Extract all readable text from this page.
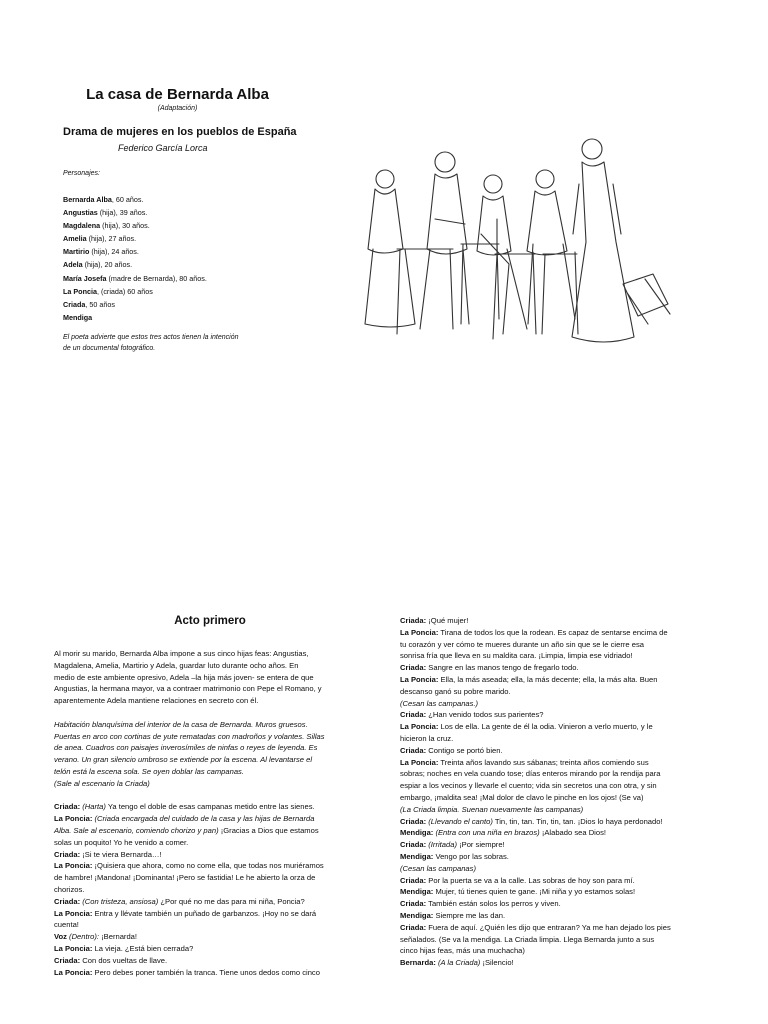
La casa de Bernarda Alba
(Adaptación)
Drama de mujeres en los pueblos de España
Federico García Lorca
Personajes:
Bernarda Alba, 60 años.
Angustias (hija), 39 años.
Magdalena (hija), 30 años.
Amelia (hija), 27 años.
Martirio (hija), 24 años.
Adela (hija), 20 años.
María Josefa (madre de Bernarda), 80 años.
La Poncia, (criada) 60 años
Criada, 50 años
Mendiga
El poeta advierte que estos tres actos tienen la intención
de un documental fotográfico.
Acto primero

Al morir su marido, Bernarda Alba impone a sus cinco hijas feas: Angustias,
Magdalena, Amelia, Martirio y Adela, guardar luto durante ocho años. En
medio de este ambiente opresivo, Adela –la hija más joven- se entera de que
Angustias, la hermana mayor, va a contraer matrimonio con Pepe el Romano, y
aparentemente Adela mantiene relaciones en secreto con él.

Habitación blanquísima del interior de la casa de Bernarda. Muros gruesos.
Puertas en arco con cortinas de yute rematadas con madroños y volantes. Sillas
de anea. Cuadros con paisajes inverosímiles de ninfas o reyes de leyenda. Es
verano. Un gran silencio umbroso se extiende por la escena. Al levantarse el
telón está la escena sola. Se oyen doblar las campanas.
(Sale al escenario la Criada)

Criada: (Harta) Ya tengo el doble de esas campanas metido entre las sienes.
La Poncia: (Criada encargada del cuidado de la casa y las hijas de Bernarda
Alba. Sale al escenario, comiendo chorizo y pan) ¡Gracias a Dios que estamos
solas un poquito! Yo he venido a comer.
Criada: ¡Si te viera Bernarda…!
La Poncia: ¡Quisiera que ahora, como no come ella, que todas nos muriéramos
de hambre! ¡Mandona! ¡Dominanta! ¡Pero se fastidia! Le he abierto la orza de
chorizos.
Criada: (Con tristeza, ansiosa) ¿Por qué no me das para mi niña, Poncia?
La Poncia: Entra y llévate también un puñado de garbanzos. ¡Hoy no se dará
cuenta!
Voz (Dentro): ¡Bernarda!
La Poncia: La vieja. ¿Está bien cerrada?
Criada: Con dos vueltas de llave.
La Poncia: Pero debes poner también la tranca. Tiene unos dedos como cinco
Criada: ¡Qué mujer!
La Poncia: Tirana de todos los que la rodean. Es capaz de sentarse encima de
tu corazón y ver cómo te mueres durante un año sin que se le cierre esa
sonrisa fría que lleva en su maldita cara. ¡Limpia, limpia ese vidriado!
Criada: Sangre en las manos tengo de fregarlo todo.
La Poncia: Ella, la más aseada; ella, la más decente; ella, la más alta. Buen
descanso ganó su pobre marido.
(Cesan las campanas.)
Criada: ¿Han venido todos sus parientes?
La Poncia: Los de ella. La gente de él la odia. Vinieron a verlo muerto, y le
hicieron la cruz.
Criada: Contigo se portó bien.
La Poncia: Treinta años lavando sus sábanas; treinta años comiendo sus
sobras; noches en vela cuando tose; días enteros mirando por la rendija para
espiar a los vecinos y llevarle el cuento; vida sin secretos una con otra, y sin
embargo, ¡maldita sea! ¡Mal dolor de clavo le pinche en los ojos! (Se va)
(La Criada limpia. Suenan nuevamente las campanas)
Criada: (Llevando el canto) Tin, tin, tan. Tin, tin, tan. ¡Dios lo haya perdonado!
Mendiga: (Entra con una niña en brazos) ¡Alabado sea Dios!
Criada: (Irritada) ¡Por siempre!
Mendiga: Vengo por las sobras.
(Cesan las campanas)
Criada: Por la puerta se va a la calle. Las sobras de hoy son para mí.
Mendiga: Mujer, tú tienes quien te gane. ¡Mi niña y yo estamos solas!
Criada: También están solos los perros y viven.
Mendiga: Siempre me las dan.
Criada: Fuera de aquí. ¿Quién les dijo que entraran? Ya me han dejado los pies
señalados. (Se va la mendiga. La Criada limpia. Llega Bernarda junto a sus
cinco hijas feas, más una muchacha)
Bernarda: (A la Criada) ¡Silencio!
